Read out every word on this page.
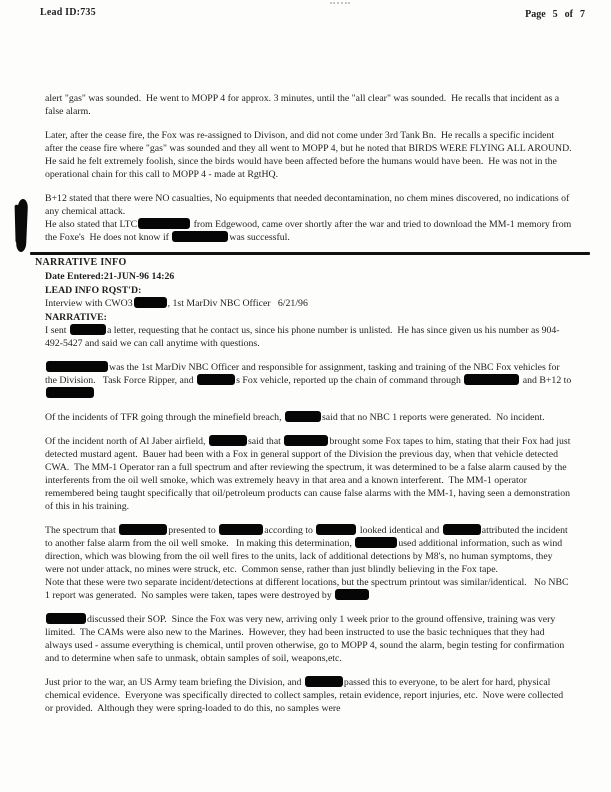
Lead ID:735	Page 5 of 7

alert "gas" was sounded.  He went to MOPP 4 for approx. 3 minutes, until the "all clear" was sounded.  He recalls that incident as a false alarm.

Later, after the cease fire, the Fox was re-assigned to Divison, and did not come under 3rd Tank Bn.  He recalls a specific incident after the cease fire where "gas" was sounded and they all went to MOPP 4, but he noted that BIRDS WERE FLYING ALL AROUND.   He said he felt extremely foolish, since the birds would have been affected before the humans would have been.  He was not in the operational chain for this call to MOPP 4 - made at RgtHQ.

B+12 stated that there were NO casualties, No equipments that needed decontamination, no chem mines discovered, no indications of any chemical attack.

He also stated that LTC	from Edgewood, came over shortly after the war and tried to download the MM-1 memory from the Foxe's  He does not know if	was successful.

NARRATIVE INFO
Date Entered:21-JUN-96 14:26
LEAD INFO RQST'D:
Interview with CWO3	, 1st MarDiv NBC Officer   6/21/96
NARRATIVE:

I sent	a letter, requesting that he contact us, since his phone number is unlisted.  He has since given us his number as 904-492-5427 and said we can call anytime with questions.

was the 1st MarDiv NBC Officer and responsible for assignment, tasking and training of the NBC Fox vehicles for the Division.   Task Force Ripper, and	s Fox vehicle, reported up the chain of command through	and B+12 to

Of the incidents of TFR going through the minefield breach,	said that no NBC 1 reports were generated.  No incident.

Of the incident north of Al Jaber airfield,	said that	brought some Fox tapes to him, stating that their Fox had just detected mustard agent.  Bauer had been with a Fox in general support of the Division the previous day, when that vehicle detected CWA.  The MM-1 Operator ran a full spectrum and after reviewing the spectrum, it was determined to be a false alarm caused by the interferents from the oil well smoke, which was extremely heavy in that area and a known interferent.  The MM-1 operator remembered being taught specifically that oil/petroleum products can cause false alarms with the MM-1, having seen a demonstration of this in his training.

The spectrum that	presented to	according to	looked identical and	attributed the incident to another false alarm from the oil well smoke.   In making this determination,	used additional information, such as wind direction, which was blowing from the oil well fires to the units, lack of additional detections by M8's, no human symptoms, they were not under attack, no mines were struck, etc.  Common sense, rather than just blindly believing in the Fox tape.

Note that these were two separate incident/detections at different locations, but the spectrum printout was similar/identical.   No NBC 1 report was generated.  No samples were taken, tapes were destroyed by

discussed their SOP.  Since the Fox was very new, arriving only 1 week prior to the ground offensive, training was very limited.  The CAMs were also new to the Marines.  However, they had been instructed to use the basic techniques that they had always used - assume everything is chemical, until proven otherwise, go to MOPP 4, sound the alarm, begin testing for confirmation and to determine when safe to unmask, obtain samples of soil, weapons,etc.

Just prior to the war, an US Army team briefing the Division, and	passed this to everyone, to be alert for hard, physical chemical evidence.  Everyone was specifically directed to collect samples, retain evidence, report injuries, etc.  Nove were collected or provided.  Although they were spring-loaded to do this, no samples were
